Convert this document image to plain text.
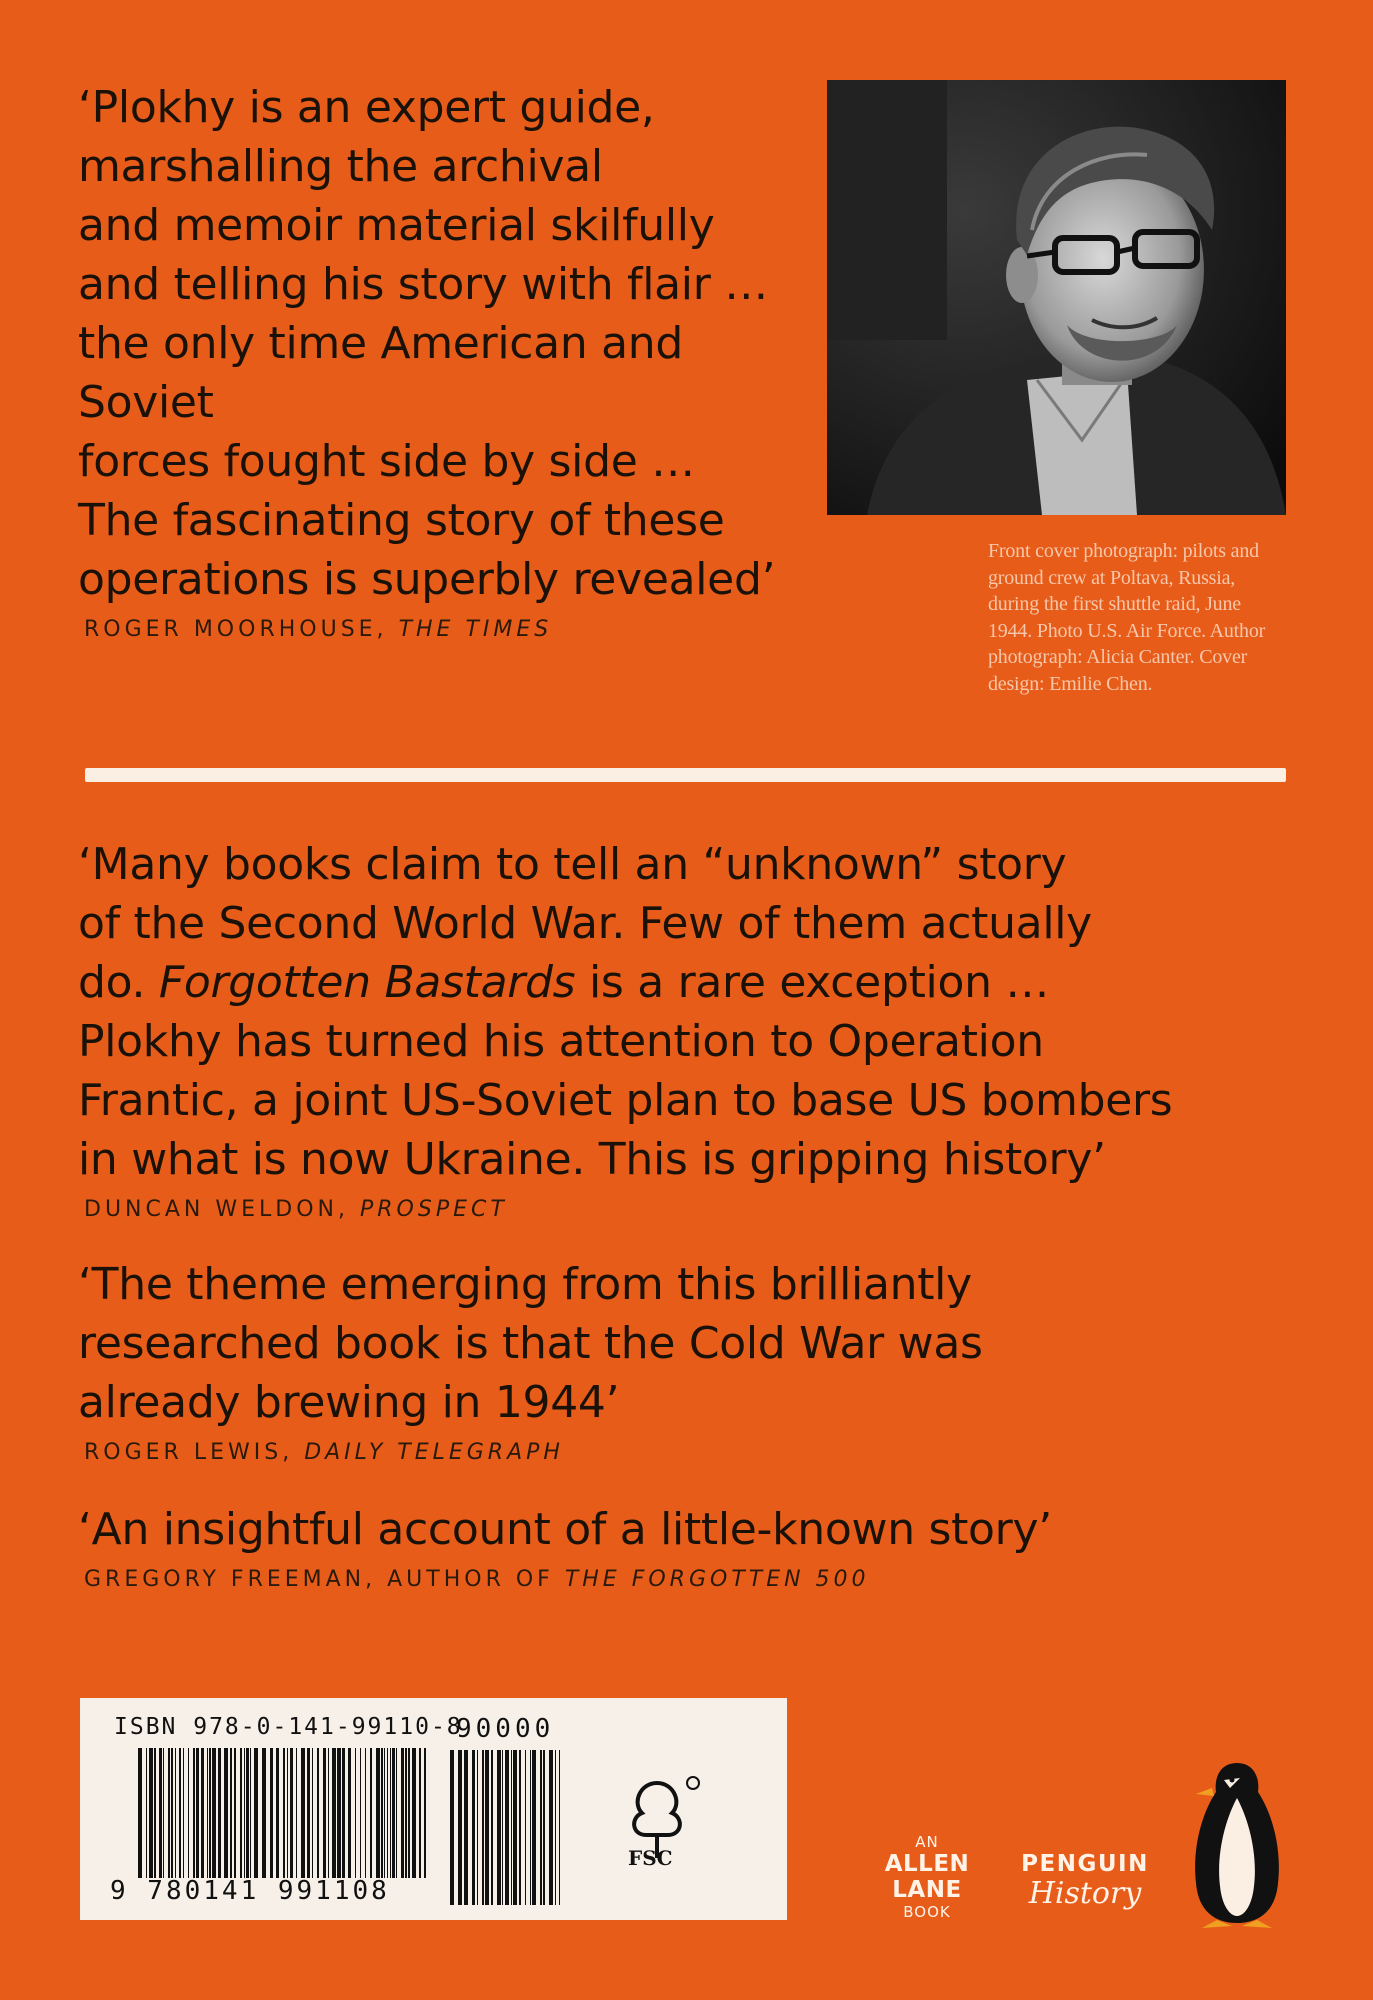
‘Plokhy is an expert guide,
marshalling the archival
and memoir material skilfully
and telling his story with flair …
the only time American and Soviet
forces fought side by side …
The fascinating story of these
operations is superbly revealed’
ROGER MOORHOUSE, THE TIMES
Front cover photograph: pilots and ground crew at Poltava, Russia, during the first shuttle raid, June 1944. Photo U.S. Air Force. Author photograph: Alicia Canter. Cover design: Emilie Chen.
‘Many books claim to tell an “unknown” story
of the Second World War. Few of them actually
do. Forgotten Bastards is a rare exception …
Plokhy has turned his attention to Operation
Frantic, a joint US-Soviet plan to base US bombers
in what is now Ukraine. This is gripping history’
DUNCAN WELDON, PROSPECT
‘The theme emerging from this brilliantly
researched book is that the Cold War was
already brewing in 1944’
ROGER LEWIS, DAILY TELEGRAPH
‘An insightful account of a little-known story’
GREGORY FREEMAN, AUTHOR OF THE FORGOTTEN 500
ISBN 978-0-141-99110-8
9 780141 991108
90000
FSC
AN
ALLEN
LANE
BOOK
PENGUIN
History
